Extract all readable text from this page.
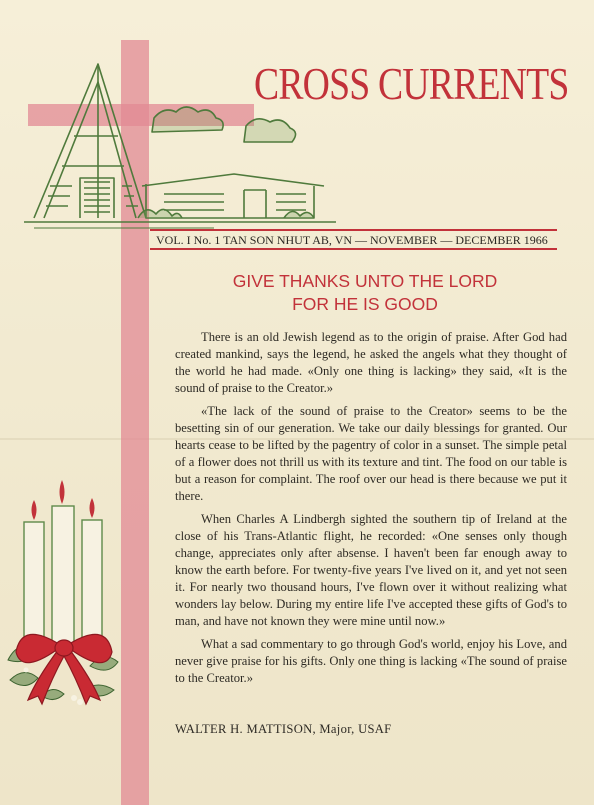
CROSS CURRENTS
VOL. I No. 1 TAN SON NHUT AB, VN — NOVEMBER — DECEMBER 1966
GIVE THANKS UNTO THE LORD
FOR HE IS GOOD

There is an old Jewish legend as to the origin of praise. After God had created mankind, says the legend, he asked the angels what they thought of the world he had made. «Only one thing is lacking» they said, «It is the sound of praise to the Creator.»

«The lack of the sound of praise to the Creator» seems to be the besetting sin of our generation. We take our daily blessings for granted. Our hearts cease to be lifted by the pagentry of color in a sunset. The simple petal of a flower does not thrill us with its texture and tint. The food on our table is but a reason for complaint. The roof over our head is there because we put it there.

When Charles A Lindbergh sighted the southern tip of Ireland at the close of his Trans-Atlantic flight, he recorded: «One senses only though change, appreciates only after absense. I haven't been far enough away to know the earth before. For twenty-five years I've lived on it, and yet not seen it. For nearly two thousand hours, I've flown over it without realizing what wonders lay below. During my entire life I've accepted these gifts of God's to man, and have not known they were mine until now.»

What a sad commentary to go through God's world, enjoy his Love, and never give praise for his gifts. Only one thing is lacking «The sound of praise to the Creator.»

WALTER H. MATTISON, Major, USAF
